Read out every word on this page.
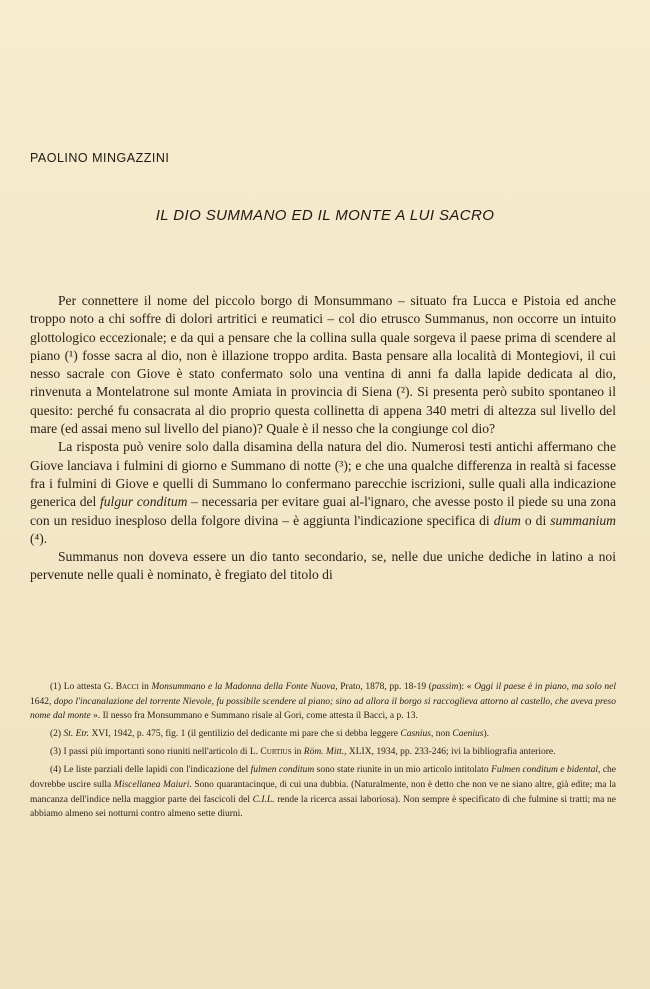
PAOLINO MINGAZZINI
IL DIO SUMMANO ED IL MONTE A LUI SACRO

Per connettere il nome del piccolo borgo di Monsummano – situato fra Lucca e Pistoia ed anche troppo noto a chi soffre di dolori artritici e reumatici – col dio etrusco Summanus, non occorre un intuito glottologico eccezionale; e da qui a pensare che la collina sulla quale sorgeva il paese prima di scendere al piano (¹) fosse sacra al dio, non è illazione troppo ardita. Basta pensare alla località di Montegiovi, il cui nesso sacrale con Giove è stato confermato solo una ventina di anni fa dalla lapide dedicata al dio, rinvenuta a Montelatrone sul monte Amiata in provincia di Siena (²). Si presenta però subito spontaneo il quesito: perché fu consacrata al dio proprio questa collinetta di appena 340 metri di altezza sul livello del mare (ed assai meno sul livello del piano)? Quale è il nesso che la congiunge col dio?

La risposta può venire solo dalla disamina della natura del dio. Numerosi testi antichi affermano che Giove lanciava i fulmini di giorno e Summano di notte (³); e che una qualche differenza in realtà si facesse fra i fulmini di Giove e quelli di Summano lo confermano parecchie iscrizioni, sulle quali alla indicazione generica del fulgur conditum – necessaria per evitare guai al-l'ignaro, che avesse posto il piede su una zona con un residuo inesploso della folgore divina – è aggiunta l'indicazione specifica di dium o di summanium (⁴).

Summanus non doveva essere un dio tanto secondario, se, nelle due uniche dediche in latino a noi pervenute nelle quali è nominato, è fregiato del titolo di

(1) Lo attesta G. Bacci in Monsummano e la Madonna della Fonte Nuova, Prato, 1878, pp. 18-19 (passim): « Oggi il paese è in piano, ma solo nel 1642, dopo l'incanalazione del torrente Nievole, fu possibile scendere al piano; sino ad allora il borgo si raccoglieva attorno al castello, che aveva preso nome dal monte ». Il nesso fra Monsummano e Summano risale al Gori, come attesta il Bacci, a p. 13.

(2) St. Etr. XVI, 1942, p. 475, fig. 1 (il gentilizio del dedicante mi pare che si debba leggere Casnius, non Caenius).

(3) I passi più importanti sono riuniti nell'articolo di L. Curtius in Röm. Mitt., XLIX, 1934, pp. 233-246; ivi la bibliografia anteriore.

(4) Le liste parziali delle lapidi con l'indicazione del fulmen conditum sono state riunite in un mio articolo intitolato Fulmen conditum e bidental, che dovrebbe uscire sulla Miscellanea Maiuri. Sono quarantacinque, di cui una dubbia. (Naturalmente, non è detto che non ve ne siano altre, già edite; ma la mancanza dell'indice nella maggior parte dei fascicoli del C.I.L. rende la ricerca assai laboriosa). Non sempre è specificato di che fulmine si tratti; ma ne abbiamo almeno sei notturni contro almeno sette diurni.
